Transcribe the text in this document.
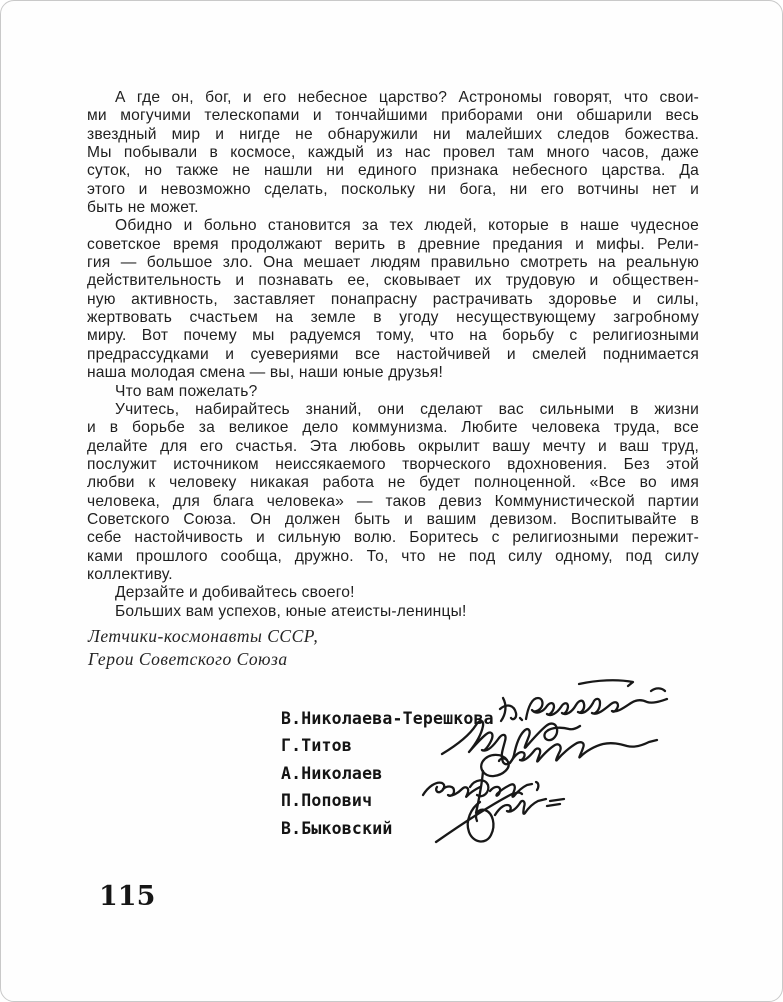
А где он, бог, и его небесное царство? Астрономы говорят, что свои-
ми могучими телескопами и тончайшими приборами они обшарили весь
звездный мир и нигде не обнаружили ни малейших следов божества.
Мы побывали в космосе, каждый из нас провел там много часов, даже
суток, но также не нашли ни единого признака небесного царства. Да
этого и невозможно сделать, поскольку ни бога, ни его вотчины нет и
быть не может.
Обидно и больно становится за тех людей, которые в наше чудесное
советское время продолжают верить в древние предания и мифы. Рели-
гия — большое зло. Она мешает людям правильно смотреть на реальную
действительность и познавать ее, сковывает их трудовую и обществен-
ную активность, заставляет понапрасну растрачивать здоровье и силы,
жертвовать счастьем на земле в угоду несуществующему загробному
миру. Вот почему мы радуемся тому, что на борьбу с религиозными
предрассудками и суевериями все настойчивей и смелей поднимается
наша молодая смена — вы, наши юные друзья!
Что вам пожелать?
Учитесь, набирайтесь знаний, они сделают вас сильными в жизни
и в борьбе за великое дело коммунизма. Любите человека труда, все
делайте для его счастья. Эта любовь окрылит вашу мечту и ваш труд,
послужит источником неиссякаемого творческого вдохновения. Без этой
любви к человеку никакая работа не будет полноценной. «Все во имя
человека, для блага человека» — таков девиз Коммунистической партии
Советского Союза. Он должен быть и вашим девизом. Воспитывайте в
себе настойчивость и сильную волю. Боритесь с религиозными пережит-
ками прошлого сообща, дружно. То, что не под силу одному, под силу
коллективу.
Дерзайте и добивайтесь своего!
Больших вам успехов, юные атеисты-ленинцы!
Летчики-космонавты СССР,
Герои Советского Союза
В.Николаева-Терешкова
Г.Титов
А.Николаев
П.Попович
В.Быковский
115
